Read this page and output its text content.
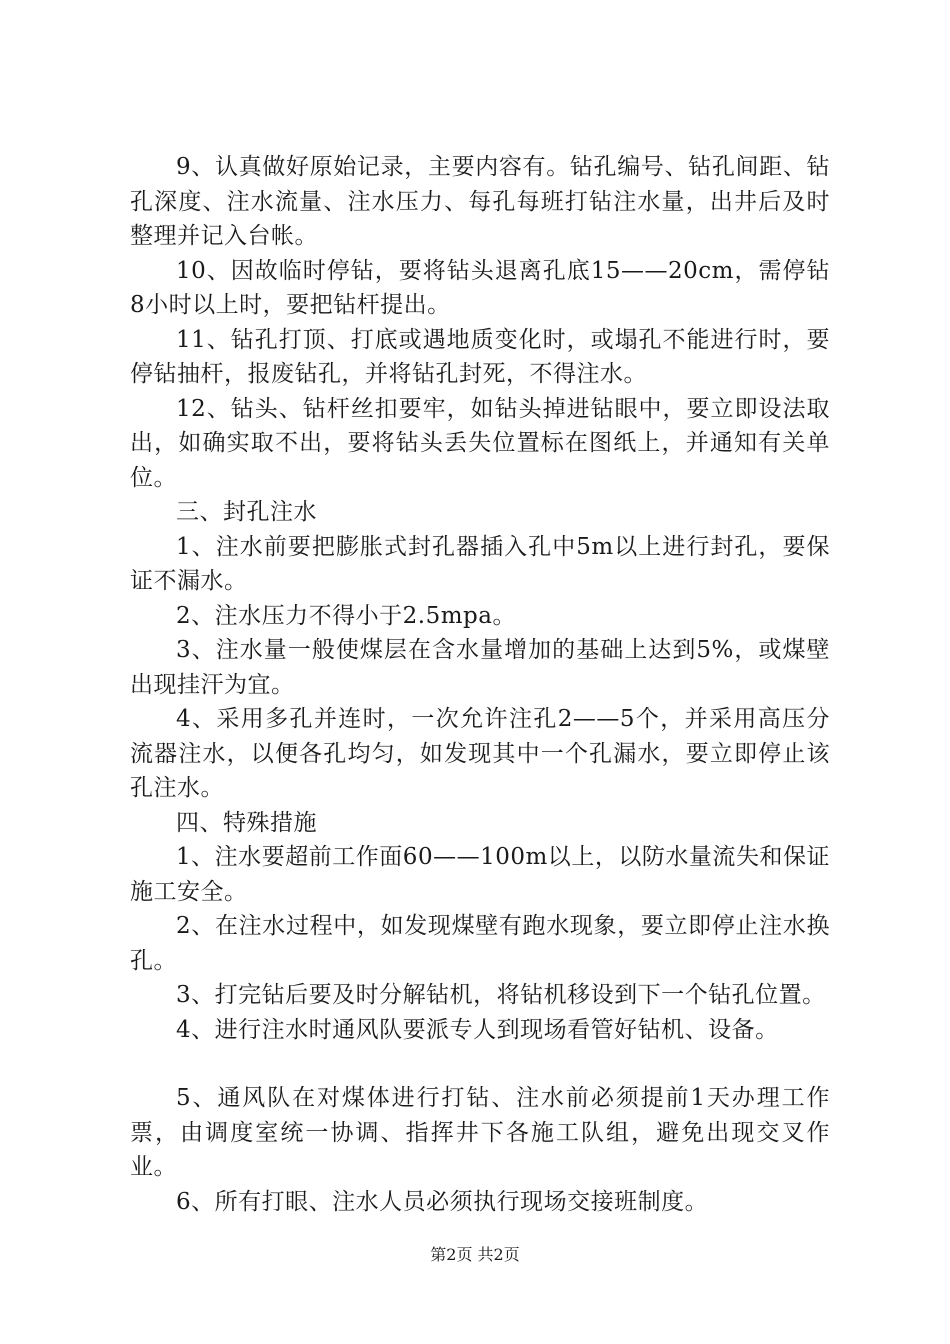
9、认真做好原始记录，主要内容有。钻孔编号、钻孔间距、钻孔深度、注水流量、注水压力、每孔每班打钻注水量，出井后及时整理并记入台帐。

10、因故临时停钻，要将钻头退离孔底15——20cm，需停钻8小时以上时，要把钻杆提出。

11、钻孔打顶、打底或遇地质变化时，或塌孔不能进行时，要停钻抽杆，报废钻孔，并将钻孔封死，不得注水。

12、钻头、钻杆丝扣要牢，如钻头掉进钻眼中，要立即设法取出，如确实取不出，要将钻头丢失位置标在图纸上，并通知有关单位。

三、封孔注水

1、注水前要把膨胀式封孔器插入孔中5m以上进行封孔，要保证不漏水。

2、注水压力不得小于2.5mpa。

3、注水量一般使煤层在含水量增加的基础上达到5%，或煤壁出现挂汗为宜。

4、采用多孔并连时，一次允许注孔2——5个，并采用高压分流器注水，以便各孔均匀，如发现其中一个孔漏水，要立即停止该孔注水。

四、特殊措施

1、注水要超前工作面60——100m以上，以防水量流失和保证施工安全。

2、在注水过程中，如发现煤壁有跑水现象，要立即停止注水换孔。

3、打完钻后要及时分解钻机，将钻机移设到下一个钻孔位置。

4、进行注水时通风队要派专人到现场看管好钻机、设备。

5、通风队在对煤体进行打钻、注水前必须提前1天办理工作票，由调度室统一协调、指挥井下各施工队组，避免出现交叉作业。

6、所有打眼、注水人员必须执行现场交接班制度。

第2页 共2页
